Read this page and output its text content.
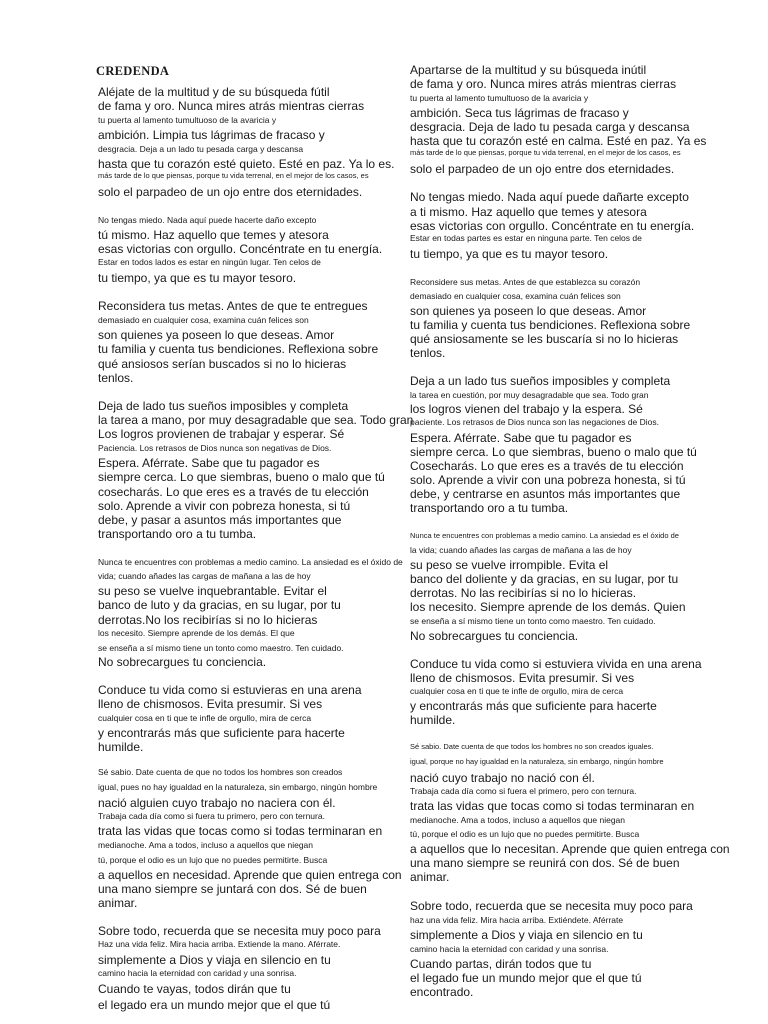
CREDENDA
Aléjate de la multitud y de su búsqueda fútil
de fama y oro. Nunca mires atrás mientras cierras
tu puerta al lamento tumultuoso de la avaricia y
ambición. Limpia tus lágrimas de fracaso y
desgracia. Deja a un lado tu pesada carga y descansa
hasta que tu corazón esté quieto. Esté en paz. Ya lo es.
más tarde de lo que piensas, porque tu vida terrenal, en el mejor de los casos, es
solo el parpadeo de un ojo entre dos eternidades.
No tengas miedo. Nada aquí puede hacerte daño excepto
tú mismo. Haz aquello que temes y atesora
esas victorias con orgullo. Concéntrate en tu energía.
Estar en todos lados es estar en ningún lugar. Ten celos de
tu tiempo, ya que es tu mayor tesoro.
Reconsidera tus metas. Antes de que te entregues
demasiado en cualquier cosa, examina cuán felices son
son quienes ya poseen lo que deseas. Amor
tu familia y cuenta tus bendiciones. Reflexiona sobre
qué ansiosos serían buscados si no lo hicieras
tenlos.
Deja de lado tus sueños imposibles y completa
la tarea a mano, por muy desagradable que sea. Todo gran
Los logros provienen de trabajar y esperar. Sé
Paciencia. Los retrasos de Dios nunca son negativas de Dios.
Espera. Aférrate. Sabe que tu pagador es
siempre cerca. Lo que siembras, bueno o malo que tú
cosecharás. Lo que eres es a través de tu elección
solo. Aprende a vivir con pobreza honesta, si tú
debe, y pasar a asuntos más importantes que
transportando oro a tu tumba.
Nunca te encuentres con problemas a medio camino. La ansiedad es el óxido de
vida; cuando añades las cargas de mañana a las de hoy
su peso se vuelve inquebrantable. Evitar el
banco de luto y da gracias, en su lugar, por tu
derrotas.No los recibirías si no lo hicieras
los necesito. Siempre aprende de los demás. El que
se enseña a sí mismo tiene un tonto como maestro. Ten cuidado.
No sobrecargues tu conciencia.
Conduce tu vida como si estuvieras en una arena
lleno de chismosos. Evita presumir. Si ves
cualquier cosa en ti que te infle de orgullo, mira de cerca
y encontrarás más que suficiente para hacerte
humilde.
Sé sabio. Date cuenta de que no todos los hombres son creados
igual, pues no hay igualdad en la naturaleza, sin embargo, ningún hombre
nació alguien cuyo trabajo no naciera con él.
Trabaja cada día como si fuera tu primero, pero con ternura.
trata las vidas que tocas como si todas terminaran en
medianoche. Ama a todos, incluso a aquellos que niegan
tú, porque el odio es un lujo que no puedes permitirte. Busca
a aquellos en necesidad. Aprende que quien entrega con
una mano siempre se juntará con dos. Sé de buen
animar.
Sobre todo, recuerda que se necesita muy poco para
Haz una vida feliz. Mira hacia arriba. Extiende la mano. Aférrate.
simplemente a Dios y viaja en silencio en tu
camino hacia la eternidad con caridad y una sonrisa.
Cuando te vayas, todos dirán que tu
el legado era un mundo mejor que el que tú
Apartarse de la multitud y su búsqueda inútil
de fama y oro. Nunca mires atrás mientras cierras
tu puerta al lamento tumultuoso de la avaricia y
ambición. Seca tus lágrimas de fracaso y
desgracia. Deja de lado tu pesada carga y descansa
hasta que tu corazón esté en calma. Esté en paz. Ya es
más tarde de lo que piensas, porque tu vida terrenal, en el mejor de los casos, es
solo el parpadeo de un ojo entre dos eternidades.
No tengas miedo. Nada aquí puede dañarte excepto
a ti mismo. Haz aquello que temes y atesora
esas victorias con orgullo. Concéntrate en tu energía.
Estar en todas partes es estar en ninguna parte. Ten celos de
tu tiempo, ya que es tu mayor tesoro.
Reconsidere sus metas. Antes de que establezca su corazón
demasiado en cualquier cosa, examina cuán felices son
son quienes ya poseen lo que deseas. Amor
tu familia y cuenta tus bendiciones. Reflexiona sobre
qué ansiosamente se les buscaría si no lo hicieras
tenlos.
Deja a un lado tus sueños imposibles y completa
la tarea en cuestión, por muy desagradable que sea. Todo gran
los logros vienen del trabajo y la espera. Sé
paciente. Los retrasos de Dios nunca son las negaciones de Dios.
Espera. Aférrate. Sabe que tu pagador es
siempre cerca. Lo que siembras, bueno o malo que tú
Cosecharás. Lo que eres es a través de tu elección
solo. Aprende a vivir con una pobreza honesta, si tú
debe, y centrarse en asuntos más importantes que
transportando oro a tu tumba.
Nunca te encuentres con problemas a medio camino. La ansiedad es el óxido de
la vida; cuando añades las cargas de mañana a las de hoy
su peso se vuelve irrompible. Evita el
banco del doliente y da gracias, en su lugar, por tu
derrotas. No las recibirías si no lo hicieras.
los necesito. Siempre aprende de los demás. Quien
se enseña a sí mismo tiene un tonto como maestro. Ten cuidado.
No sobrecargues tu conciencia.
Conduce tu vida como si estuviera vivida en una arena
lleno de chismosos. Evita presumir. Si ves
cualquier cosa en ti que te infle de orgullo, mira de cerca
y encontrarás más que suficiente para hacerte
humilde.
Sé sabio. Date cuenta de que todos los hombres no son creados iguales.
igual, porque no hay igualdad en la naturaleza, sin embargo, ningún hombre
nació cuyo trabajo no nació con él.
Trabaja cada día como si fuera el primero, pero con ternura.
trata las vidas que tocas como si todas terminaran en
medianoche. Ama a todos, incluso a aquellos que niegan
tú, porque el odio es un lujo que no puedes permitirte. Busca
a aquellos que lo necesitan. Aprende que quien entrega con
una mano siempre se reunirá con dos. Sé de buen
animar.
Sobre todo, recuerda que se necesita muy poco para
haz una vida feliz. Mira hacia arriba. Extiéndete. Aférrate
simplemente a Dios y viaja en silencio en tu
camino hacia la eternidad con caridad y una sonrisa.
Cuando partas, dirán todos que tu
el legado fue un mundo mejor que el que tú
encontrado.
